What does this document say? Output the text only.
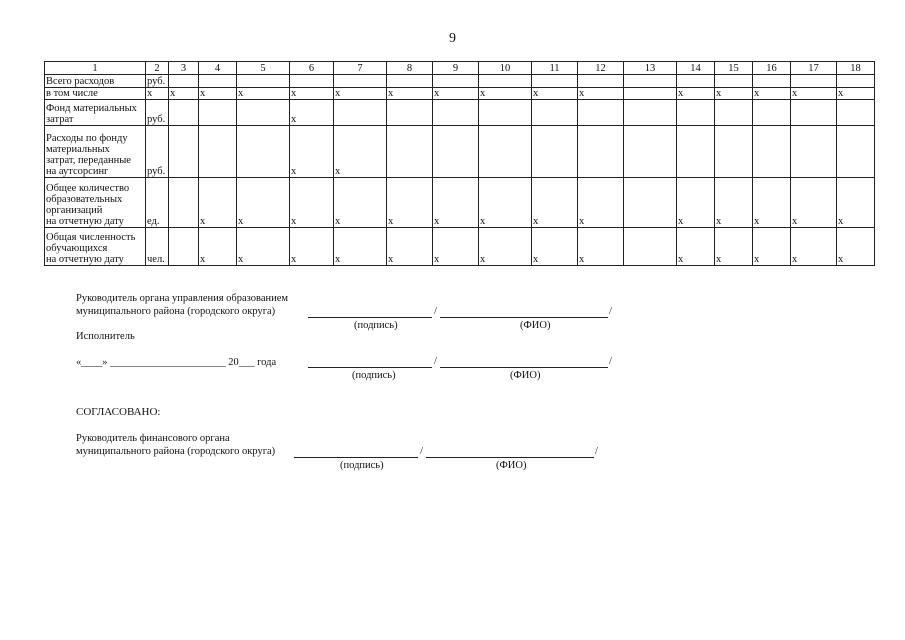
9
1	2	3	4	5	6	7	8	9	10	11	12	13	14	15	16	17	18
Всего расходов	руб.																
в том числе	x	x	x	x	x	x	x	x	x	x	x		x	x	x	x	x
Фонд материальных
затрат	руб.				x												
Расходы по фонду
материальных
затрат, переданные
на аутсорсинг	руб.				x	x											
Общее количество
образовательных
организаций
на отчетную дату	ед.		x	x	x	x	x	x	x	x	x		x	x	x	x	x
Общая численность
обучающихся
на отчетную дату	чел.		x	x	x	x	x	x	x	x	x		x	x	x	x	x
Руководитель органа управления образованием
муниципального района (городского округа)	/	/
(подпись)	(ФИО)
Исполнитель
«____» ______________________ 20___ года	/	/
(подпись)	(ФИО)
СОГЛАСОВАНО:
Руководитель финансового органа
муниципального района (городского округа)	/	/
(подпись)	(ФИО)
